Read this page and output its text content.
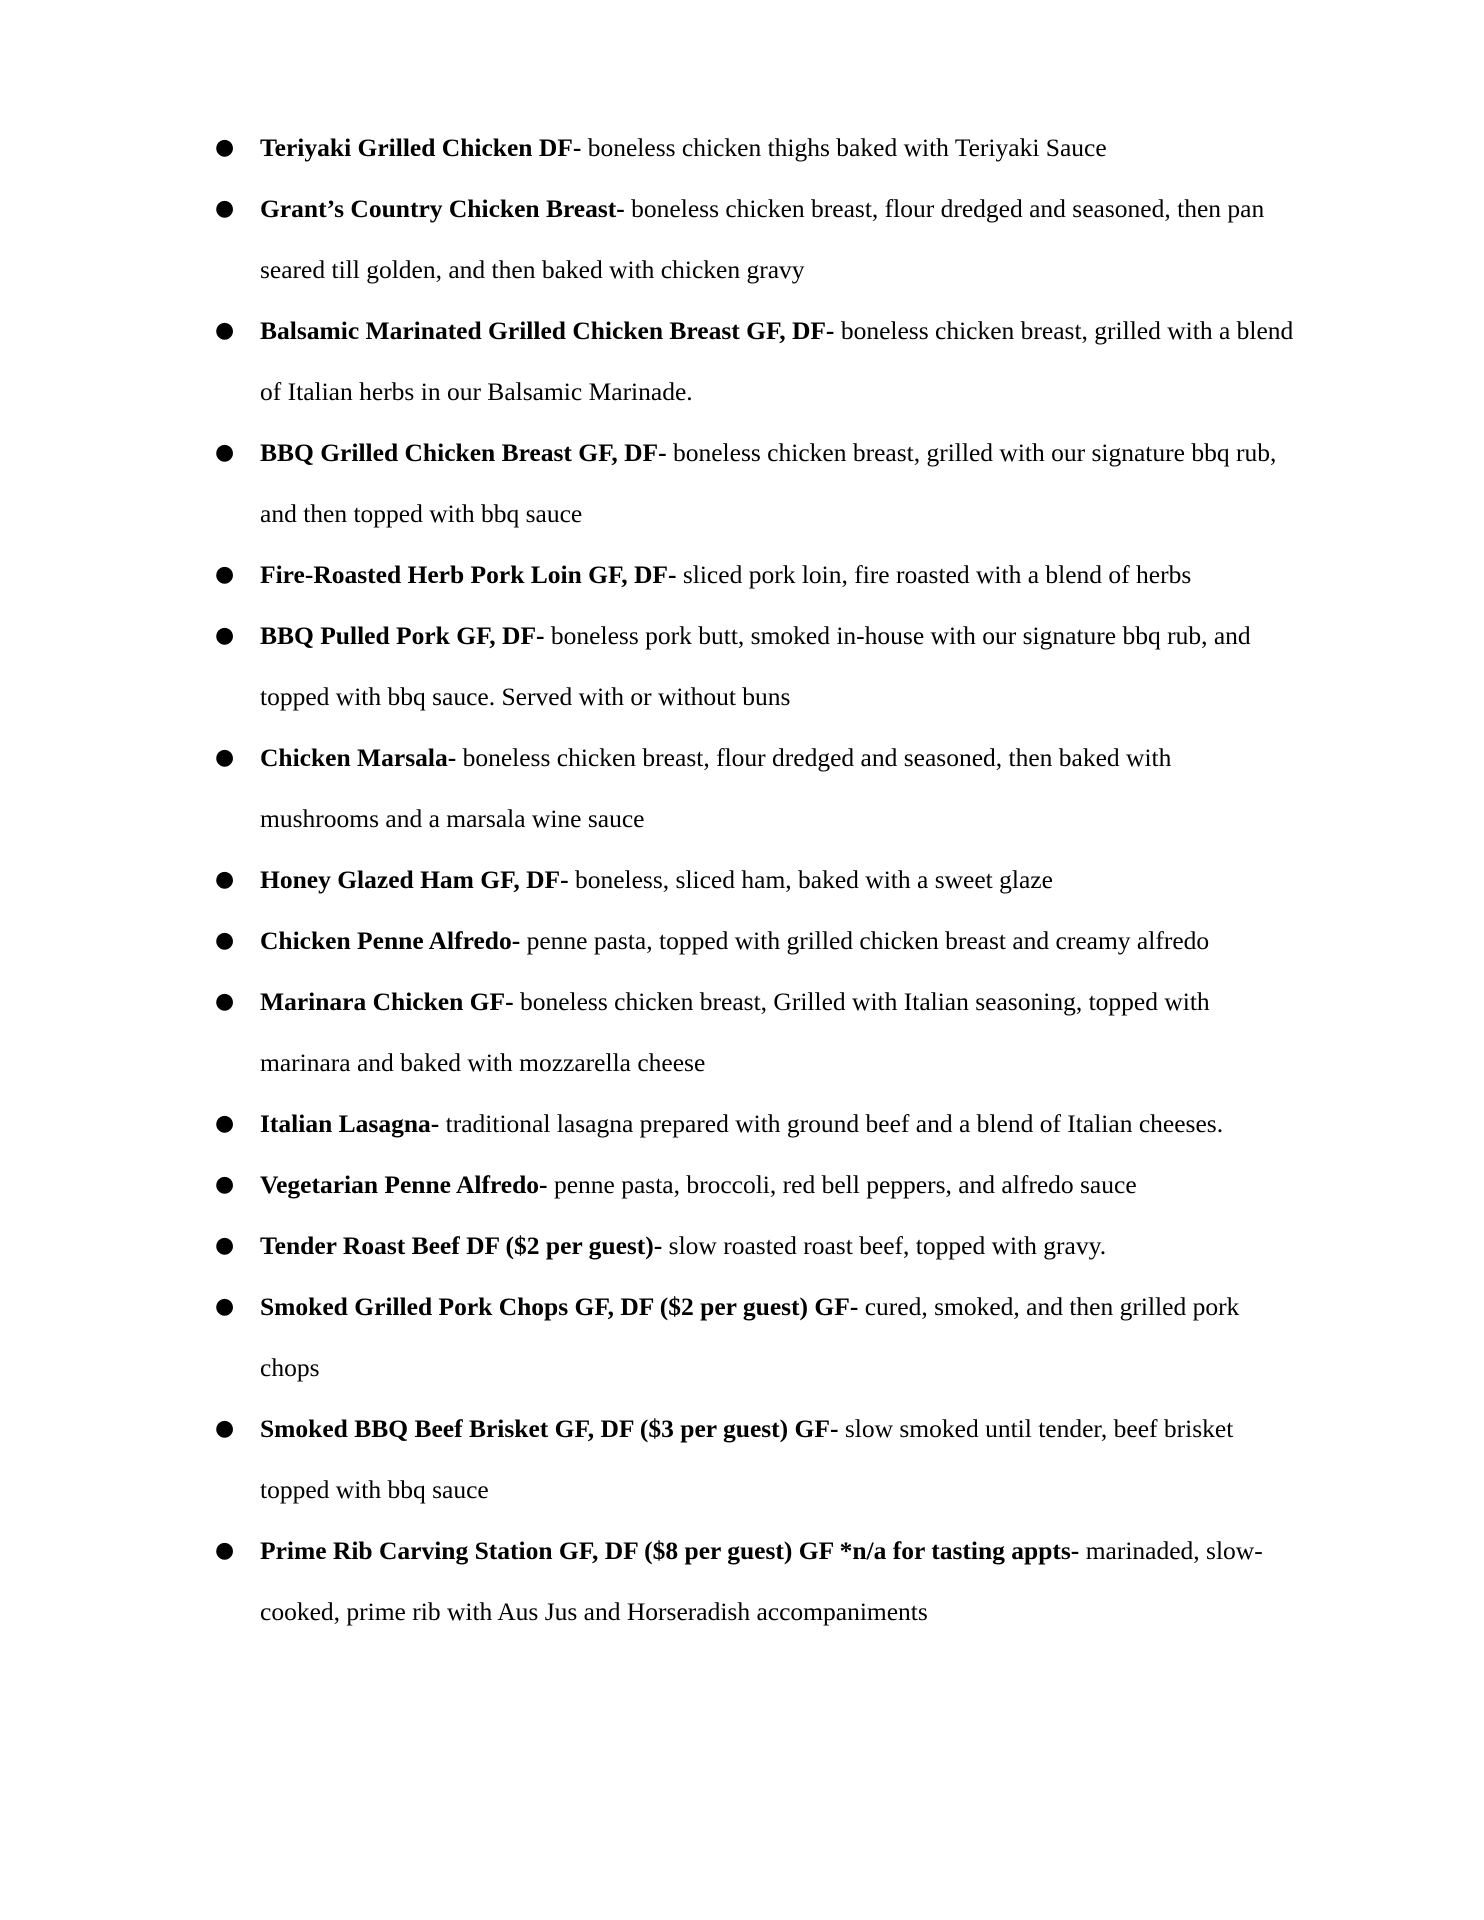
● Teriyaki Grilled Chicken DF- boneless chicken thighs baked with Teriyaki Sauce
● Grant’s Country Chicken Breast- boneless chicken breast, flour dredged and seasoned, then pan seared till golden, and then baked with chicken gravy
● Balsamic Marinated Grilled Chicken Breast GF, DF- boneless chicken breast, grilled with a blend of Italian herbs in our Balsamic Marinade.
● BBQ Grilled Chicken Breast GF, DF- boneless chicken breast, grilled with our signature bbq rub, and then topped with bbq sauce
● Fire-Roasted Herb Pork Loin GF, DF- sliced pork loin, fire roasted with a blend of herbs
● BBQ Pulled Pork GF, DF- boneless pork butt, smoked in-house with our signature bbq rub, and topped with bbq sauce. Served with or without buns
● Chicken Marsala- boneless chicken breast, flour dredged and seasoned, then baked with mushrooms and a marsala wine sauce
● Honey Glazed Ham GF, DF- boneless, sliced ham, baked with a sweet glaze
● Chicken Penne Alfredo- penne pasta, topped with grilled chicken breast and creamy alfredo
● Marinara Chicken GF- boneless chicken breast, Grilled with Italian seasoning, topped with marinara and baked with mozzarella cheese
● Italian Lasagna- traditional lasagna prepared with ground beef and a blend of Italian cheeses.
● Vegetarian Penne Alfredo- penne pasta, broccoli, red bell peppers, and alfredo sauce
● Tender Roast Beef DF ($2 per guest)- slow roasted roast beef, topped with gravy.
● Smoked Grilled Pork Chops GF, DF ($2 per guest) GF- cured, smoked, and then grilled pork chops
● Smoked BBQ Beef Brisket GF, DF ($3 per guest) GF- slow smoked until tender, beef brisket topped with bbq sauce
● Prime Rib Carving Station GF, DF ($8 per guest) GF *n/a for tasting appts- marinaded, slow- cooked, prime rib with Aus Jus and Horseradish accompaniments
